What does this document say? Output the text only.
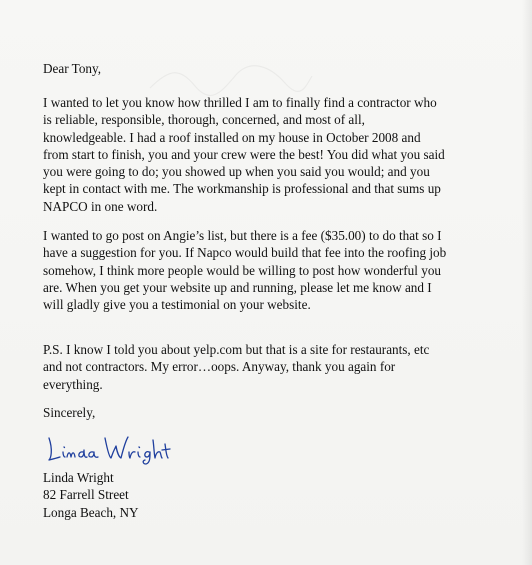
Dear Tony,

I wanted to let you know how thrilled I am to finally find a contractor who
is reliable, responsible, thorough, concerned, and most of all,
knowledgeable. I had a roof installed on my house in October 2008 and
from start to finish, you and your crew were the best! You did what you said
you were going to do; you showed up when you said you would; and you
kept in contact with me. The workmanship is professional and that sums up
NAPCO in one word.

I wanted to go post on Angie’s list, but there is a fee ($35.00) to do that so I
have a suggestion for you. If Napco would build that fee into the roofing job
somehow, I think more people would be willing to post how wonderful you
are. When you get your website up and running, please let me know and I
will gladly give you a testimonial on your website.

P.S. I know I told you about yelp.com but that is a site for restaurants, etc
and not contractors. My error…oops. Anyway, thank you again for
everything.

Sincerely,
Linda Wright
82 Farrell Street
Longa Beach, NY
